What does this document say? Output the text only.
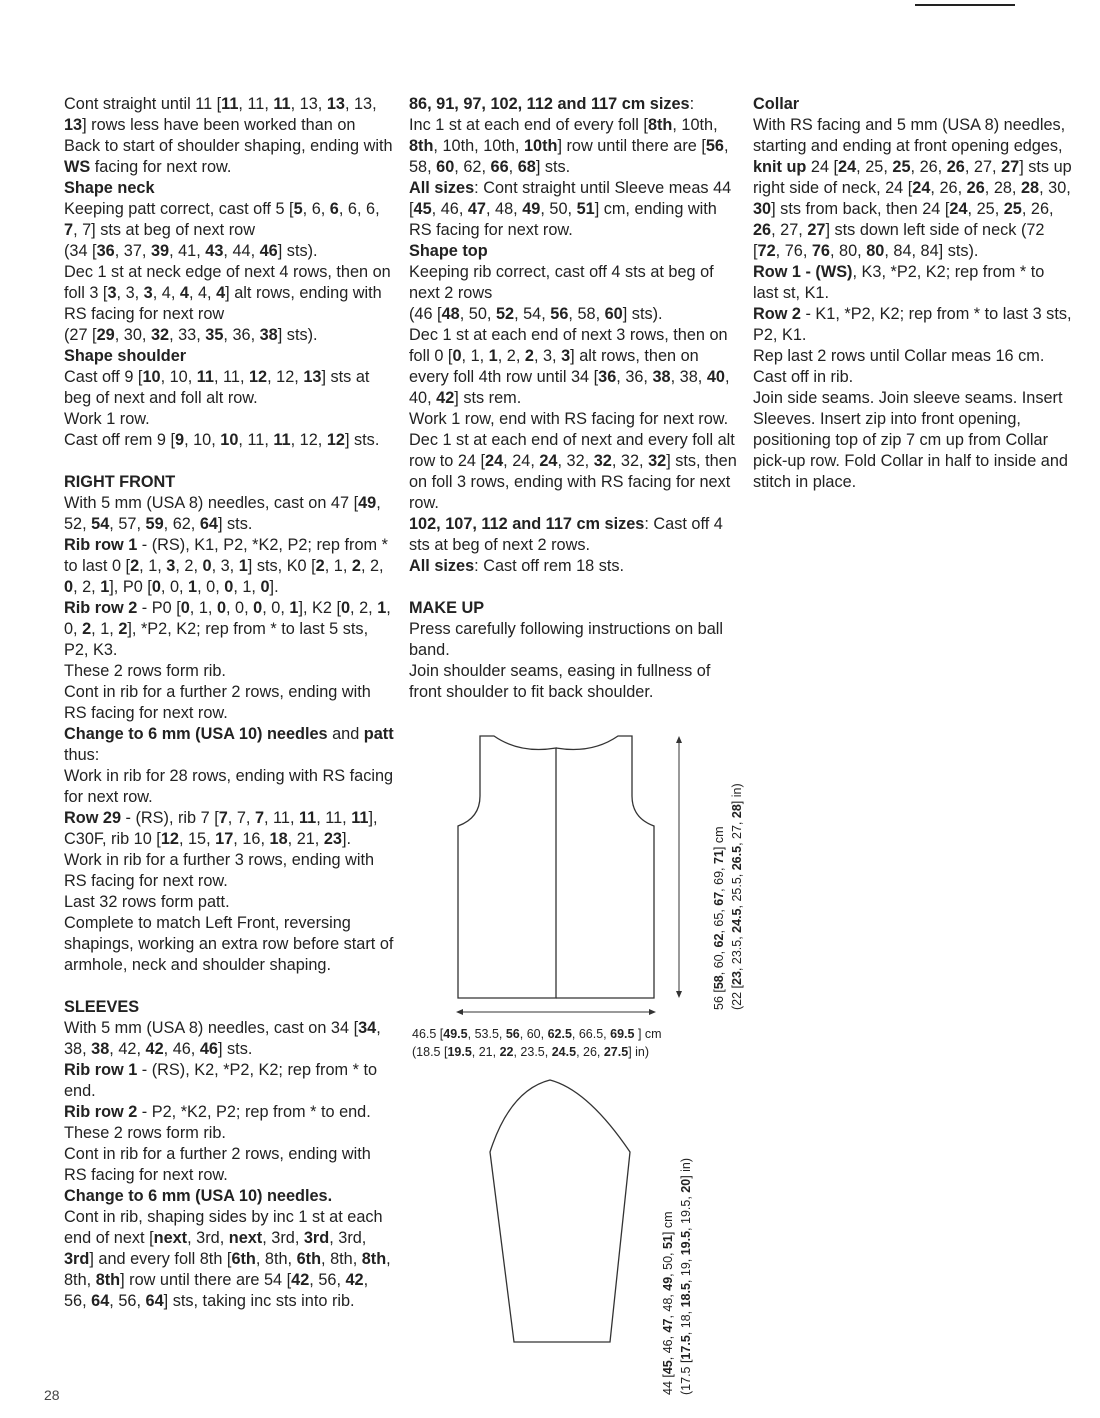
Cont straight until 11 [11, 11, 11, 13, 13, 13, 13] rows less have been worked than on Back to start of shoulder shaping, ending with WS facing for next row.

Shape neck

Keeping patt correct, cast off 5 [5, 6, 6, 6, 6, 7, 7] sts at beg of next row

(34 [36, 37, 39, 41, 43, 44, 46] sts).

Dec 1 st at neck edge of next 4 rows, then on foll 3 [3, 3, 3, 4, 4, 4, 4] alt rows, ending with RS facing for next row

(27 [29, 30, 32, 33, 35, 36, 38] sts).

Shape shoulder

Cast off 9 [10, 10, 11, 11, 12, 12, 13] sts at beg of next and foll alt row.

Work 1 row.

Cast off rem 9 [9, 10, 10, 11, 11, 12, 12] sts.

RIGHT FRONT

With 5 mm (USA 8) needles, cast on 47 [49, 52, 54, 57, 59, 62, 64] sts.

Rib row 1 - (RS), K1, P2, *K2, P2; rep from * to last 0 [2, 1, 3, 2, 0, 3, 1] sts, K0 [2, 1, 2, 2, 0, 2, 1], P0 [0, 0, 1, 0, 0, 1, 0].

Rib row 2 - P0 [0, 1, 0, 0, 0, 0, 1], K2 [0, 2, 1, 0, 2, 1, 2], *P2, K2; rep from * to last 5 sts, P2, K3.

These 2 rows form rib.

Cont in rib for a further 2 rows, ending with RS facing for next row.

Change to 6 mm (USA 10) needles and patt thus:

Work in rib for 28 rows, ending with RS facing for next row.

Row 29 - (RS), rib 7 [7, 7, 7, 11, 11, 11, 11], C30F, rib 10 [12, 15, 17, 16, 18, 21, 23].

Work in rib for a further 3 rows, ending with RS facing for next row.

Last 32 rows form patt.

Complete to match Left Front, reversing shapings, working an extra row before start of armhole, neck and shoulder shaping.

SLEEVES

With 5 mm (USA 8) needles, cast on 34 [34, 38, 38, 42, 42, 46, 46] sts.

Rib row 1 - (RS), K2, *P2, K2; rep from * to end.

Rib row 2 - P2, *K2, P2; rep from * to end.

These 2 rows form rib.

Cont in rib for a further 2 rows, ending with RS facing for next row.

Change to 6 mm (USA 10) needles.

Cont in rib, shaping sides by inc 1 st at each end of next [next, 3rd, next, 3rd, 3rd, 3rd, 3rd] and every foll 8th [6th, 8th, 6th, 8th, 8th, 8th, 8th] row until there are 54 [42, 56, 42, 56, 64, 56, 64] sts, taking inc sts into rib.

86, 91, 97, 102, 112 and 117 cm sizes:

Inc 1 st at each end of every foll [8th, 10th, 8th, 10th, 10th, 10th] row until there are [56, 58, 60, 62, 66, 68] sts.

All sizes: Cont straight until Sleeve meas 44 [45, 46, 47, 48, 49, 50, 51] cm, ending with RS facing for next row.

Shape top

Keeping rib correct, cast off 4 sts at beg of next 2 rows

(46 [48, 50, 52, 54, 56, 58, 60] sts).

Dec 1 st at each end of next 3 rows, then on foll 0 [0, 1, 1, 2, 2, 3, 3] alt rows, then on every foll 4th row until 34 [36, 36, 38, 38, 40, 40, 42] sts rem.

Work 1 row, end with RS facing for next row.

Dec 1 st at each end of next and every foll alt row to 24 [24, 24, 24, 32, 32, 32, 32] sts, then on foll 3 rows, ending with RS facing for next row.

102, 107, 112 and 117 cm sizes: Cast off 4 sts at beg of next 2 rows.

All sizes: Cast off rem 18 sts.

MAKE UP

Press carefully following instructions on ball band.

Join shoulder seams, easing in fullness of front shoulder to fit back shoulder.

Collar

With RS facing and 5 mm (USA 8) needles, starting and ending at front opening edges, knit up 24 [24, 25, 25, 26, 26, 27, 27] sts up right side of neck, 24 [24, 26, 26, 28, 28, 30, 30] sts from back, then 24 [24, 25, 25, 26, 26, 27, 27] sts down left side of neck (72 [72, 76, 76, 80, 80, 84, 84] sts).

Row 1 - (WS), K3, *P2, K2; rep from * to last st, K1.

Row 2 - K1, *P2, K2; rep from * to last 3 sts, P2, K1.

Rep last 2 rows until Collar meas 16 cm.

Cast off in rib.

Join side seams. Join sleeve seams. Insert Sleeves. Insert zip into front opening, positioning top of zip 7 cm up from Collar pick-up row. Fold Collar in half to inside and stitch in place.

46.5 [49.5, 53.5, 56, 60, 62.5, 66.5, 69.5 ] cm
(18.5 [19.5, 21, 22, 23.5, 24.5, 26, 27.5] in)
56 [58, 60, 62, 65, 67, 69, 71] cm
(22 [23, 23.5, 24.5, 25.5, 26.5, 27, 28] in)
44 [45, 46, 47, 48, 49, 50, 51] cm
(17.5 [17.5, 18, 18.5, 19, 19.5, 19.5, 20] in)
28
